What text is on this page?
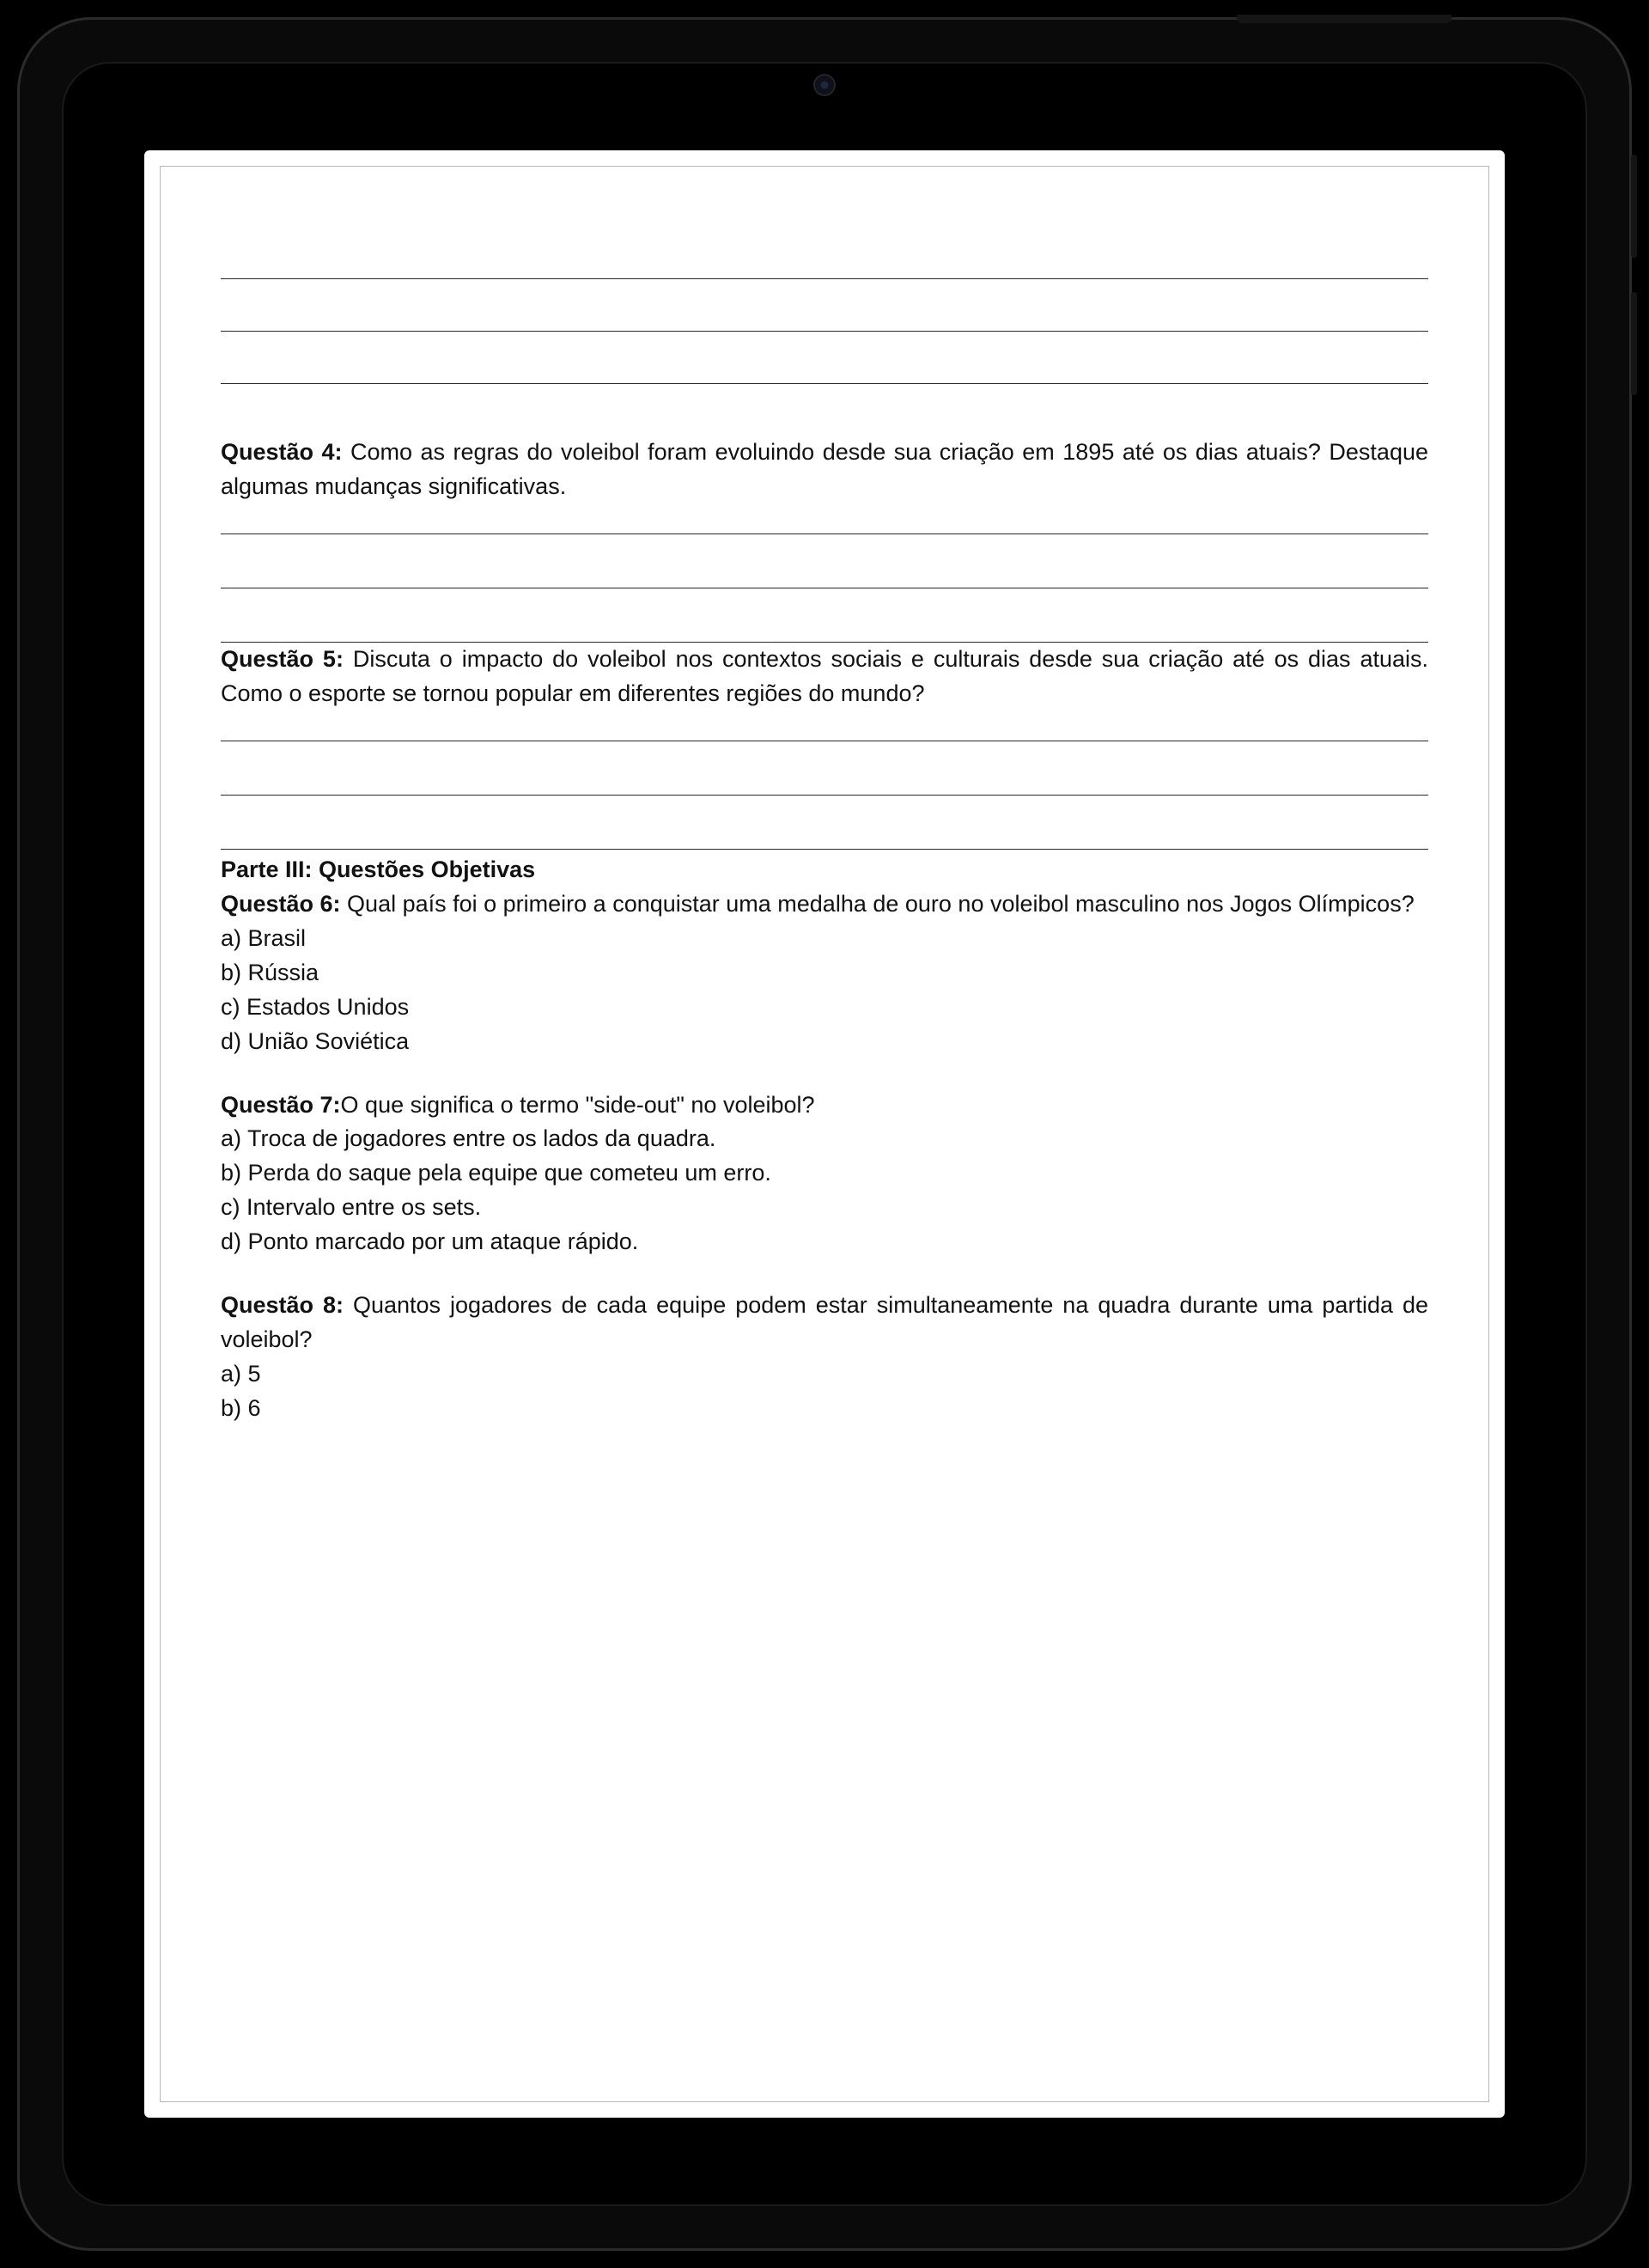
Questão 4: Como as regras do voleibol foram evoluindo desde sua criação em 1895 até os dias atuais? Destaque algumas mudanças significativas.

Questão 5: Discuta o impacto do voleibol nos contextos sociais e culturais desde sua criação até os dias atuais. Como o esporte se tornou popular em diferentes regiões do mundo?

Parte III: Questões Objetivas

Questão 6: Qual país foi o primeiro a conquistar uma medalha de ouro no voleibol masculino nos Jogos Olímpicos?

a) Brasil

b) Rússia

c) Estados Unidos

d) União Soviética

Questão 7:O que significa o termo "side-out" no voleibol?

a) Troca de jogadores entre os lados da quadra.

b) Perda do saque pela equipe que cometeu um erro.

c) Intervalo entre os sets.

d) Ponto marcado por um ataque rápido.

Questão 8: Quantos jogadores de cada equipe podem estar simultaneamente na quadra durante uma partida de voleibol?

a) 5

b) 6
